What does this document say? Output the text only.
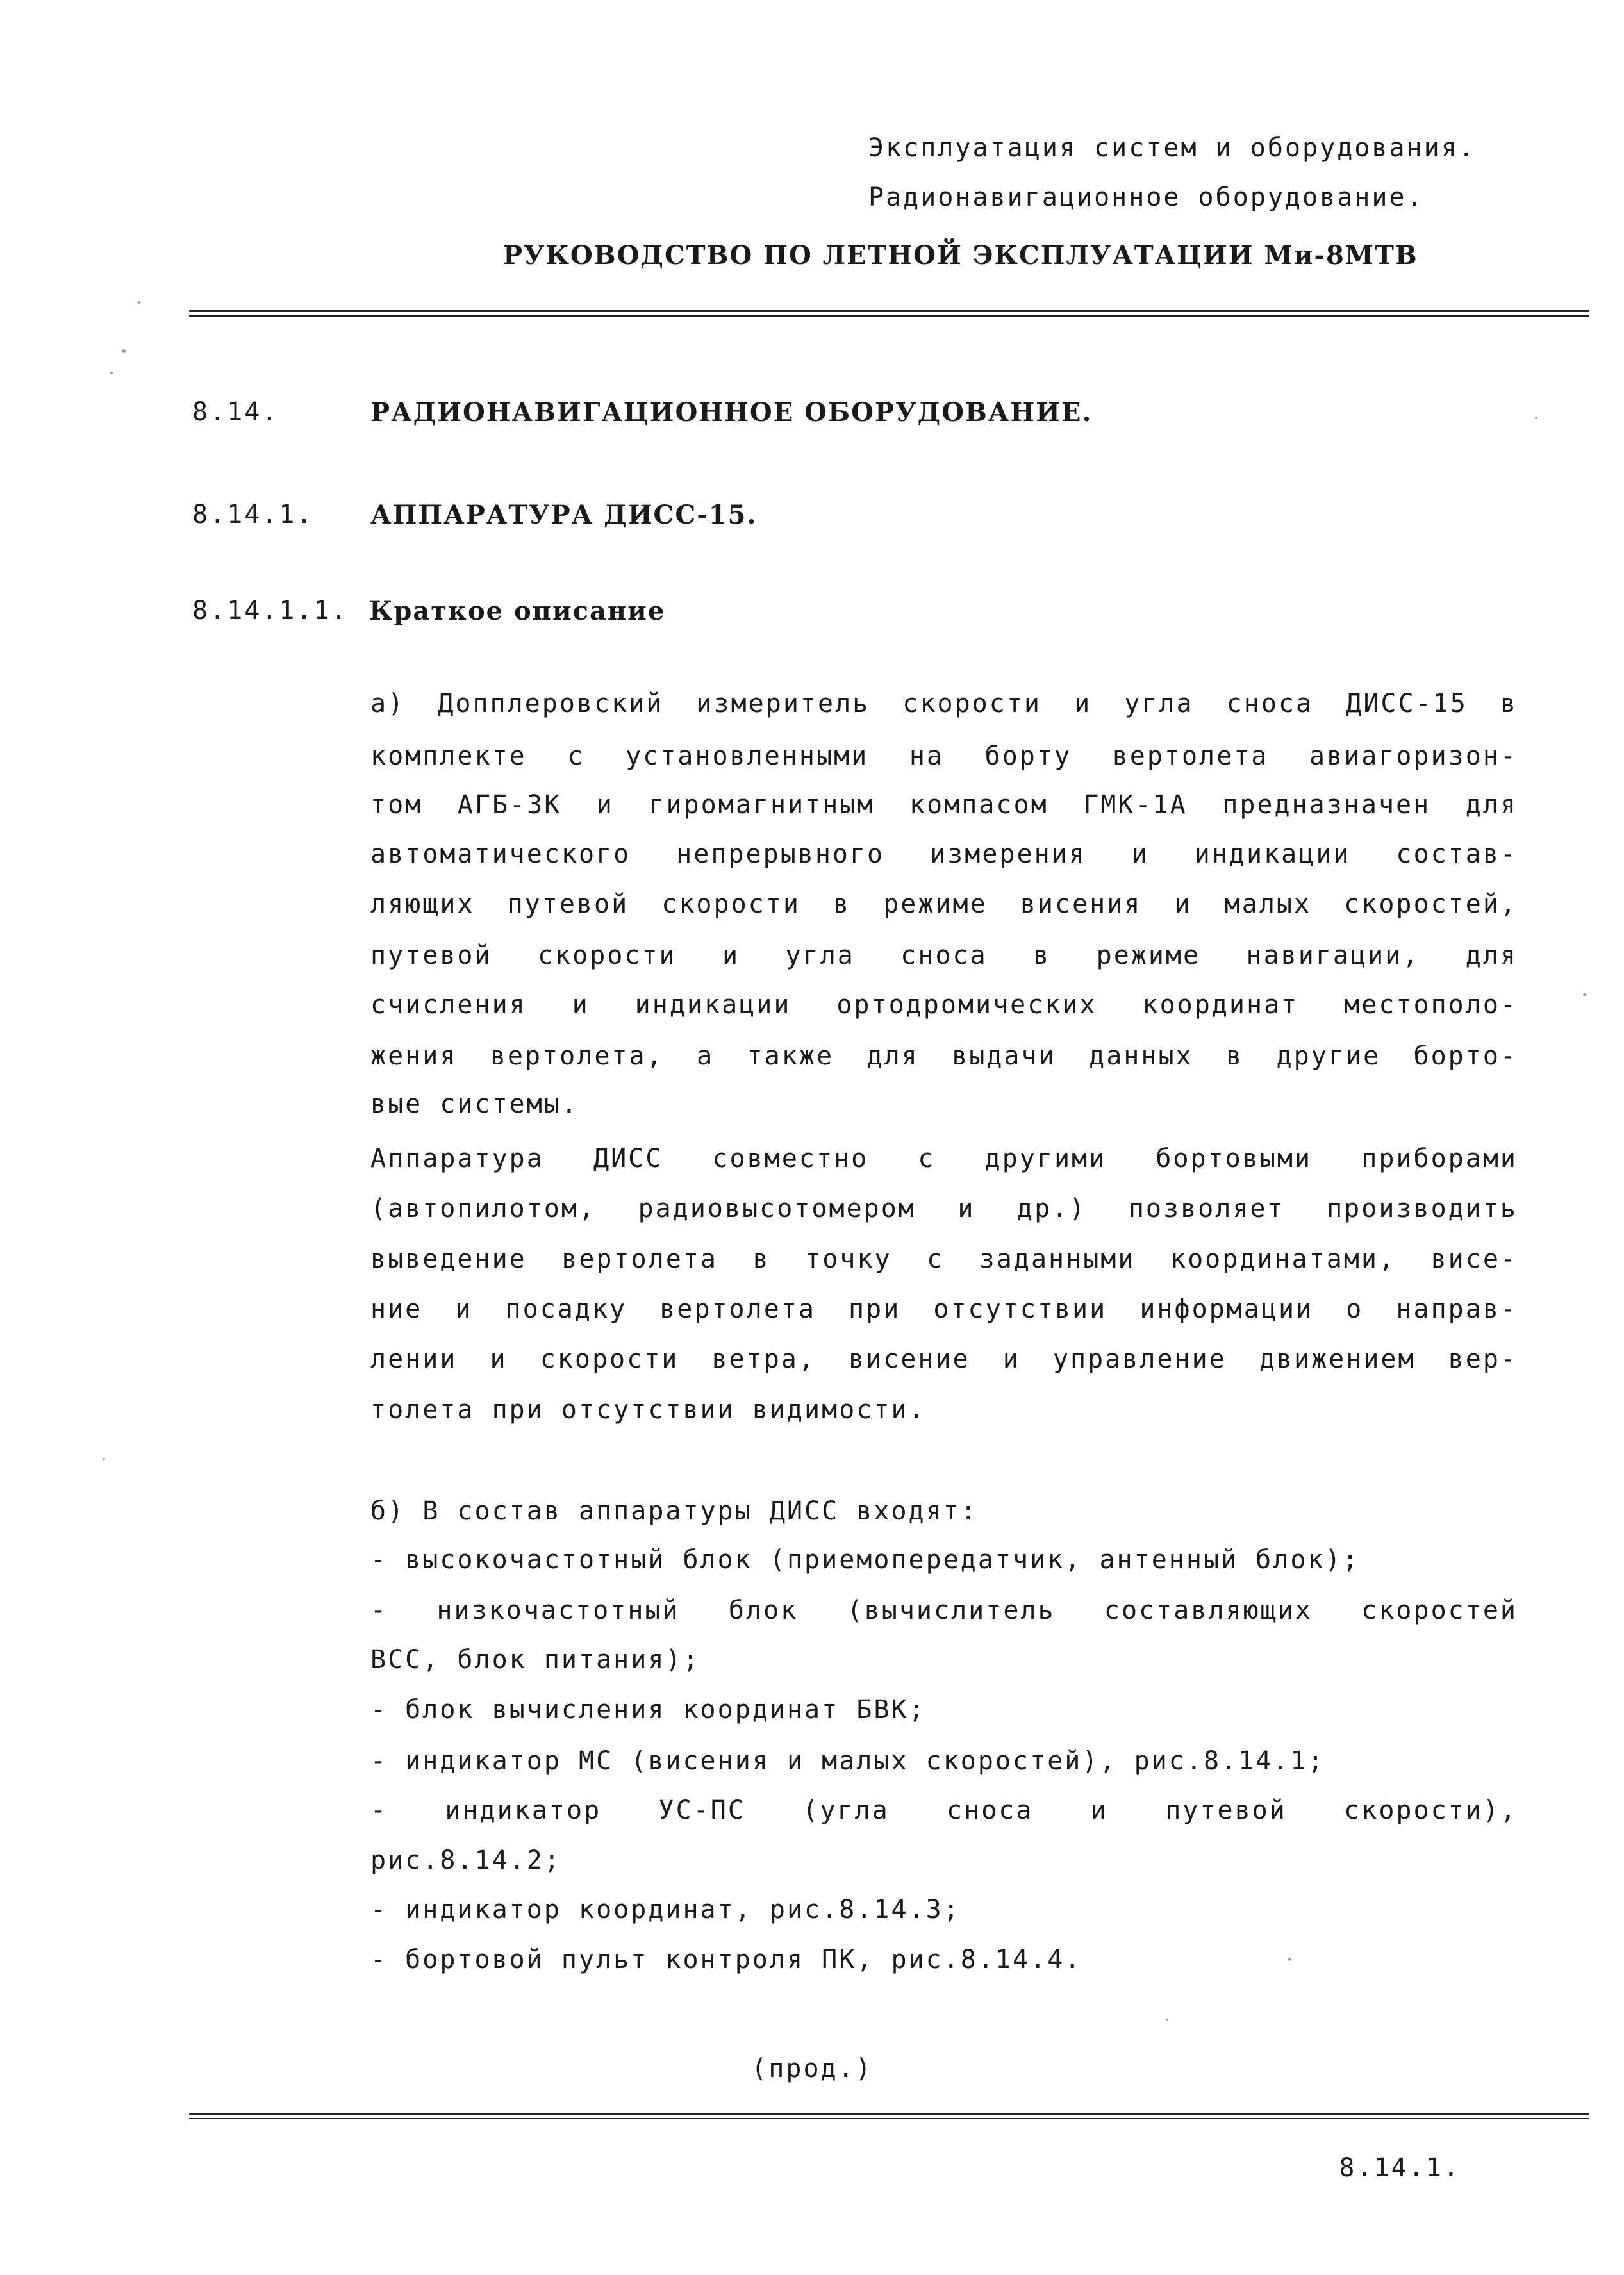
Эксплуатация систем и оборудования.
Радионавигационное оборудование.
РУКОВОДСТВО ПО ЛЕТНОЙ ЭКСПЛУАТАЦИИ Ми-8МТВ
8.14.	РАДИОНАВИГАЦИОННОЕ ОБОРУДОВАНИЕ.
8.14.1. АППАРАТУРА ДИСС-15.
8.14.1.1. Краткое описание
а) Допплеровский измеритель скорости и угла сноса ДИСС-15 в
комплекте с установленными на борту вертолета авиагоризон-
том АГБ-3К и гиромагнитным компасом ГМК-1А предназначен для
автоматического непрерывного измерения и индикации состав-
ляющих путевой скорости в режиме висения и малых скоростей,
путевой скорости и угла сноса в режиме навигации, для
счисления и индикации ортодромических координат местополо-
жения вертолета, а также для выдачи данных в другие борто-
вые системы.
Аппаратура ДИСС совместно с другими бортовыми приборами
(автопилотом, радиовысотомером и др.) позволяет производить
выведение вертолета в точку с заданными координатами, висе-
ние и посадку вертолета при отсутствии информации о направ-
лении и скорости ветра, висение и управление движением вер-
толета при отсутствии видимости.
б) В состав аппаратуры ДИСС входят:
- высокочастотный блок (приемопередатчик, антенный блок);
- низкочастотный блок (вычислитель составляющих скоростей
ВСС, блок питания);
- блок вычисления координат БВК;
- индикатор МС (висения и малых скоростей), рис.8.14.1;
- индикатор УС-ПС (угла сноса и путевой скорости),
рис.8.14.2;
- индикатор координат, рис.8.14.3;
- бортовой пульт контроля ПК, рис.8.14.4.
(прод.)
8.14.1.
